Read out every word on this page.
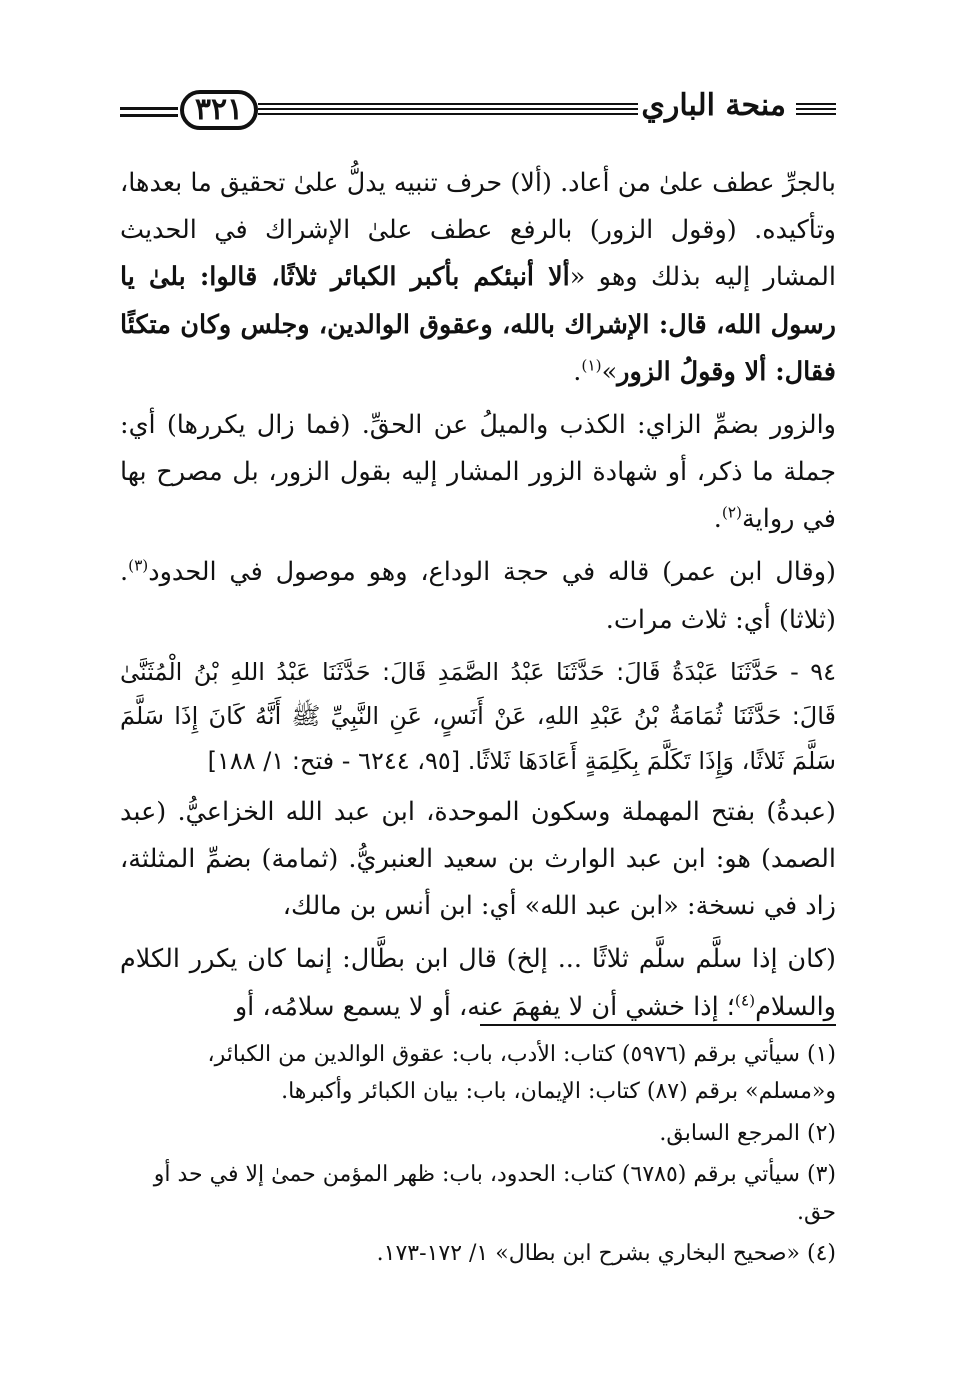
٣٢١	منحة الباري

بالجرِّ عطف علىٰ من أعاد. (ألا) حرف تنبيه يدلُّ علىٰ تحقيق ما بعدها، وتأكيده. (وقول الزور) بالرفع عطف علىٰ الإشراك في الحديث المشار إليه بذلك وهو «ألا أنبئكم بأكبر الكبائر ثلاثًا، قالوا: بلىٰ يا رسول الله، قال: الإشراك بالله، وعقوق الوالدين، وجلس وكان متكئًا فقال: ألا وقولُ الزور»$^{(١)}$.

والزور بضمِّ الزاي: الكذب والميلُ عن الحقِّ. (فما زال يكررها) أي: جملة ما ذكر، أو شهادة الزور المشار إليه بقول الزور، بل مصرح بها في رواية$^{(٢)}$.

(وقال ابن عمر) قاله في حجة الوداع، وهو موصول في الحدود$^{(٣)}$. (ثلاثا) أي: ثلاث مرات.

٩٤ - حَدَّثَنَا عَبْدَةُ قَالَ: حَدَّثَنَا عَبْدُ الصَّمَدِ قَالَ: حَدَّثَنَا عَبْدُ اللهِ بْنُ الْمُثَنَّىٰ قَالَ: حَدَّثَنَا ثُمَامَةُ بْنُ عَبْدِ اللهِ، عَنْ أَنَسٍ، عَنِ النَّبِيِّ ﷺ أَنَّهُ كَانَ إِذَا سَلَّمَ سَلَّمَ ثَلاثًا، وَإِذَا تَكَلَّمَ بِكَلِمَةٍ أَعَادَهَا ثَلاثًا. [٩٥، ٦٢٤٤ - فتح: ١/ ١٨٨]

(عبدةُ) بفتح المهملة وسكون الموحدة، ابن عبد الله الخزاعيُّ. (عبد الصمد) هو: ابن عبد الوارث بن سعيد العنبريُّ. (ثمامة) بضمِّ المثلثة، زاد في نسخة: «ابن عبد الله» أي: ابن أنس بن مالك،

(كان إذا سلَّم سلَّم ثلاثًا ... إلخ) قال ابن بطَّال: إنما كان يكرر الكلام والسلام$^{(٤)}$؛ إذا خشي أن لا يفهمَ عنه، أو لا يسمع سلامُه، أو

(١) سيأتي برقم (٥٩٧٦) كتاب: الأدب، باب: عقوق الوالدين من الكبائر، و«مسلم» برقم (٨٧) كتاب: الإيمان، باب: بيان الكبائر وأكبرها.

(٢) المرجع السابق.

(٣) سيأتي برقم (٦٧٨٥) كتاب: الحدود، باب: ظهر المؤمن حمىٰ إلا في حد أو حق.

(٤) «صحيح البخاري بشرح ابن بطال» ١/ ١٧٢-١٧٣.
